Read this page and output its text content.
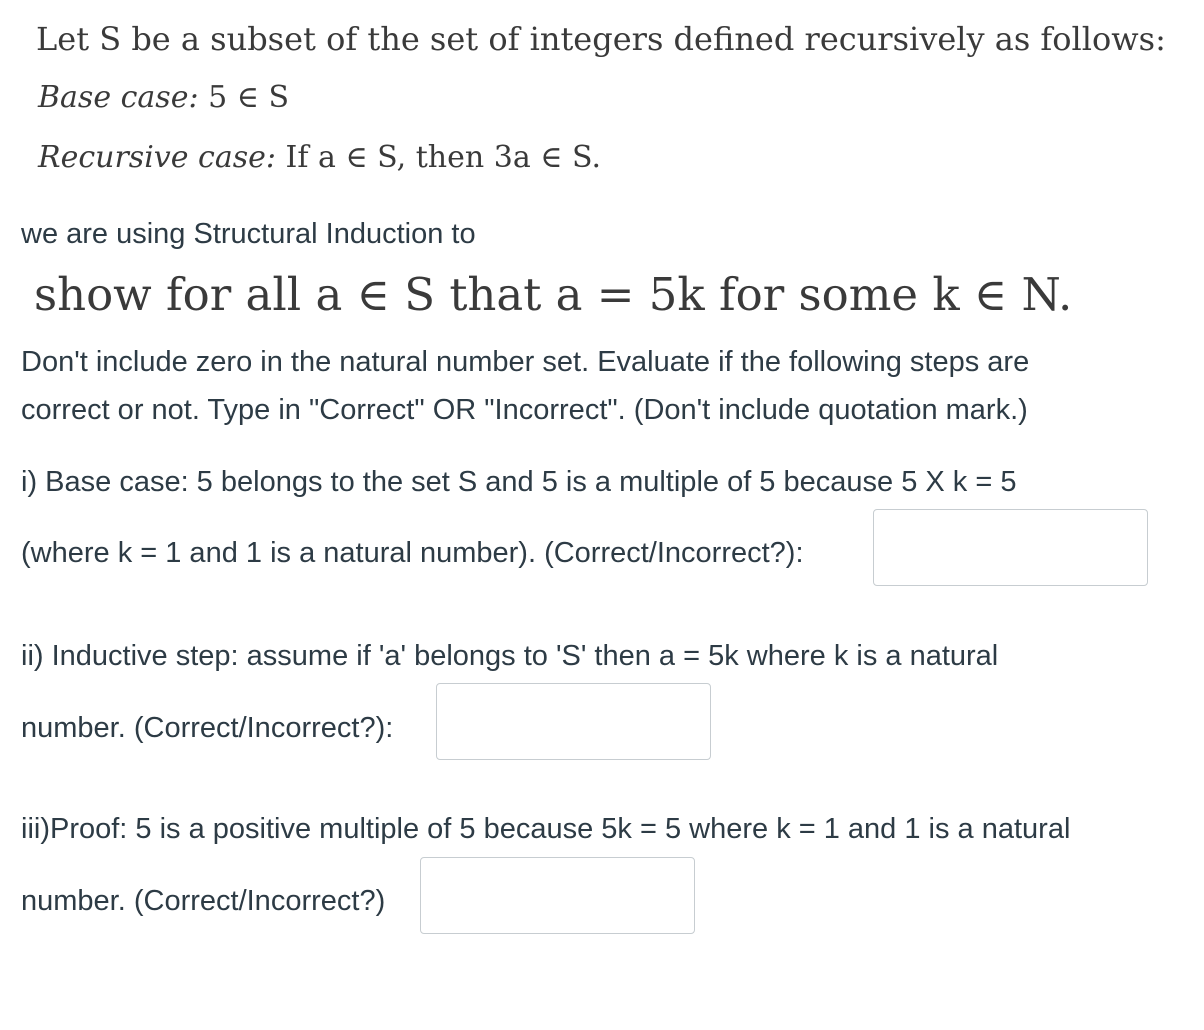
Let S be a subset of the set of integers defined recursively as follows:
Base case: 5 ∈ S
Recursive case: If a ∈ S, then 3a ∈ S.
we are using Structural Induction to
show for all a ∈ S that a = 5k for some k ∈ N.
Don't include zero in the natural number set. Evaluate if the following steps are
correct or not. Type in "Correct" OR "Incorrect". (Don't include quotation mark.)
i) Base case: 5 belongs to the set S and 5 is a multiple of 5 because 5 X k = 5
(where k = 1 and 1 is a natural number). (Correct/Incorrect?):
ii) Inductive step: assume if 'a' belongs to 'S' then a = 5k where k is a natural
number. (Correct/Incorrect?):
iii)Proof: 5 is a positive multiple of 5 because 5k = 5 where k = 1 and 1 is a natural
number. (Correct/Incorrect?)
